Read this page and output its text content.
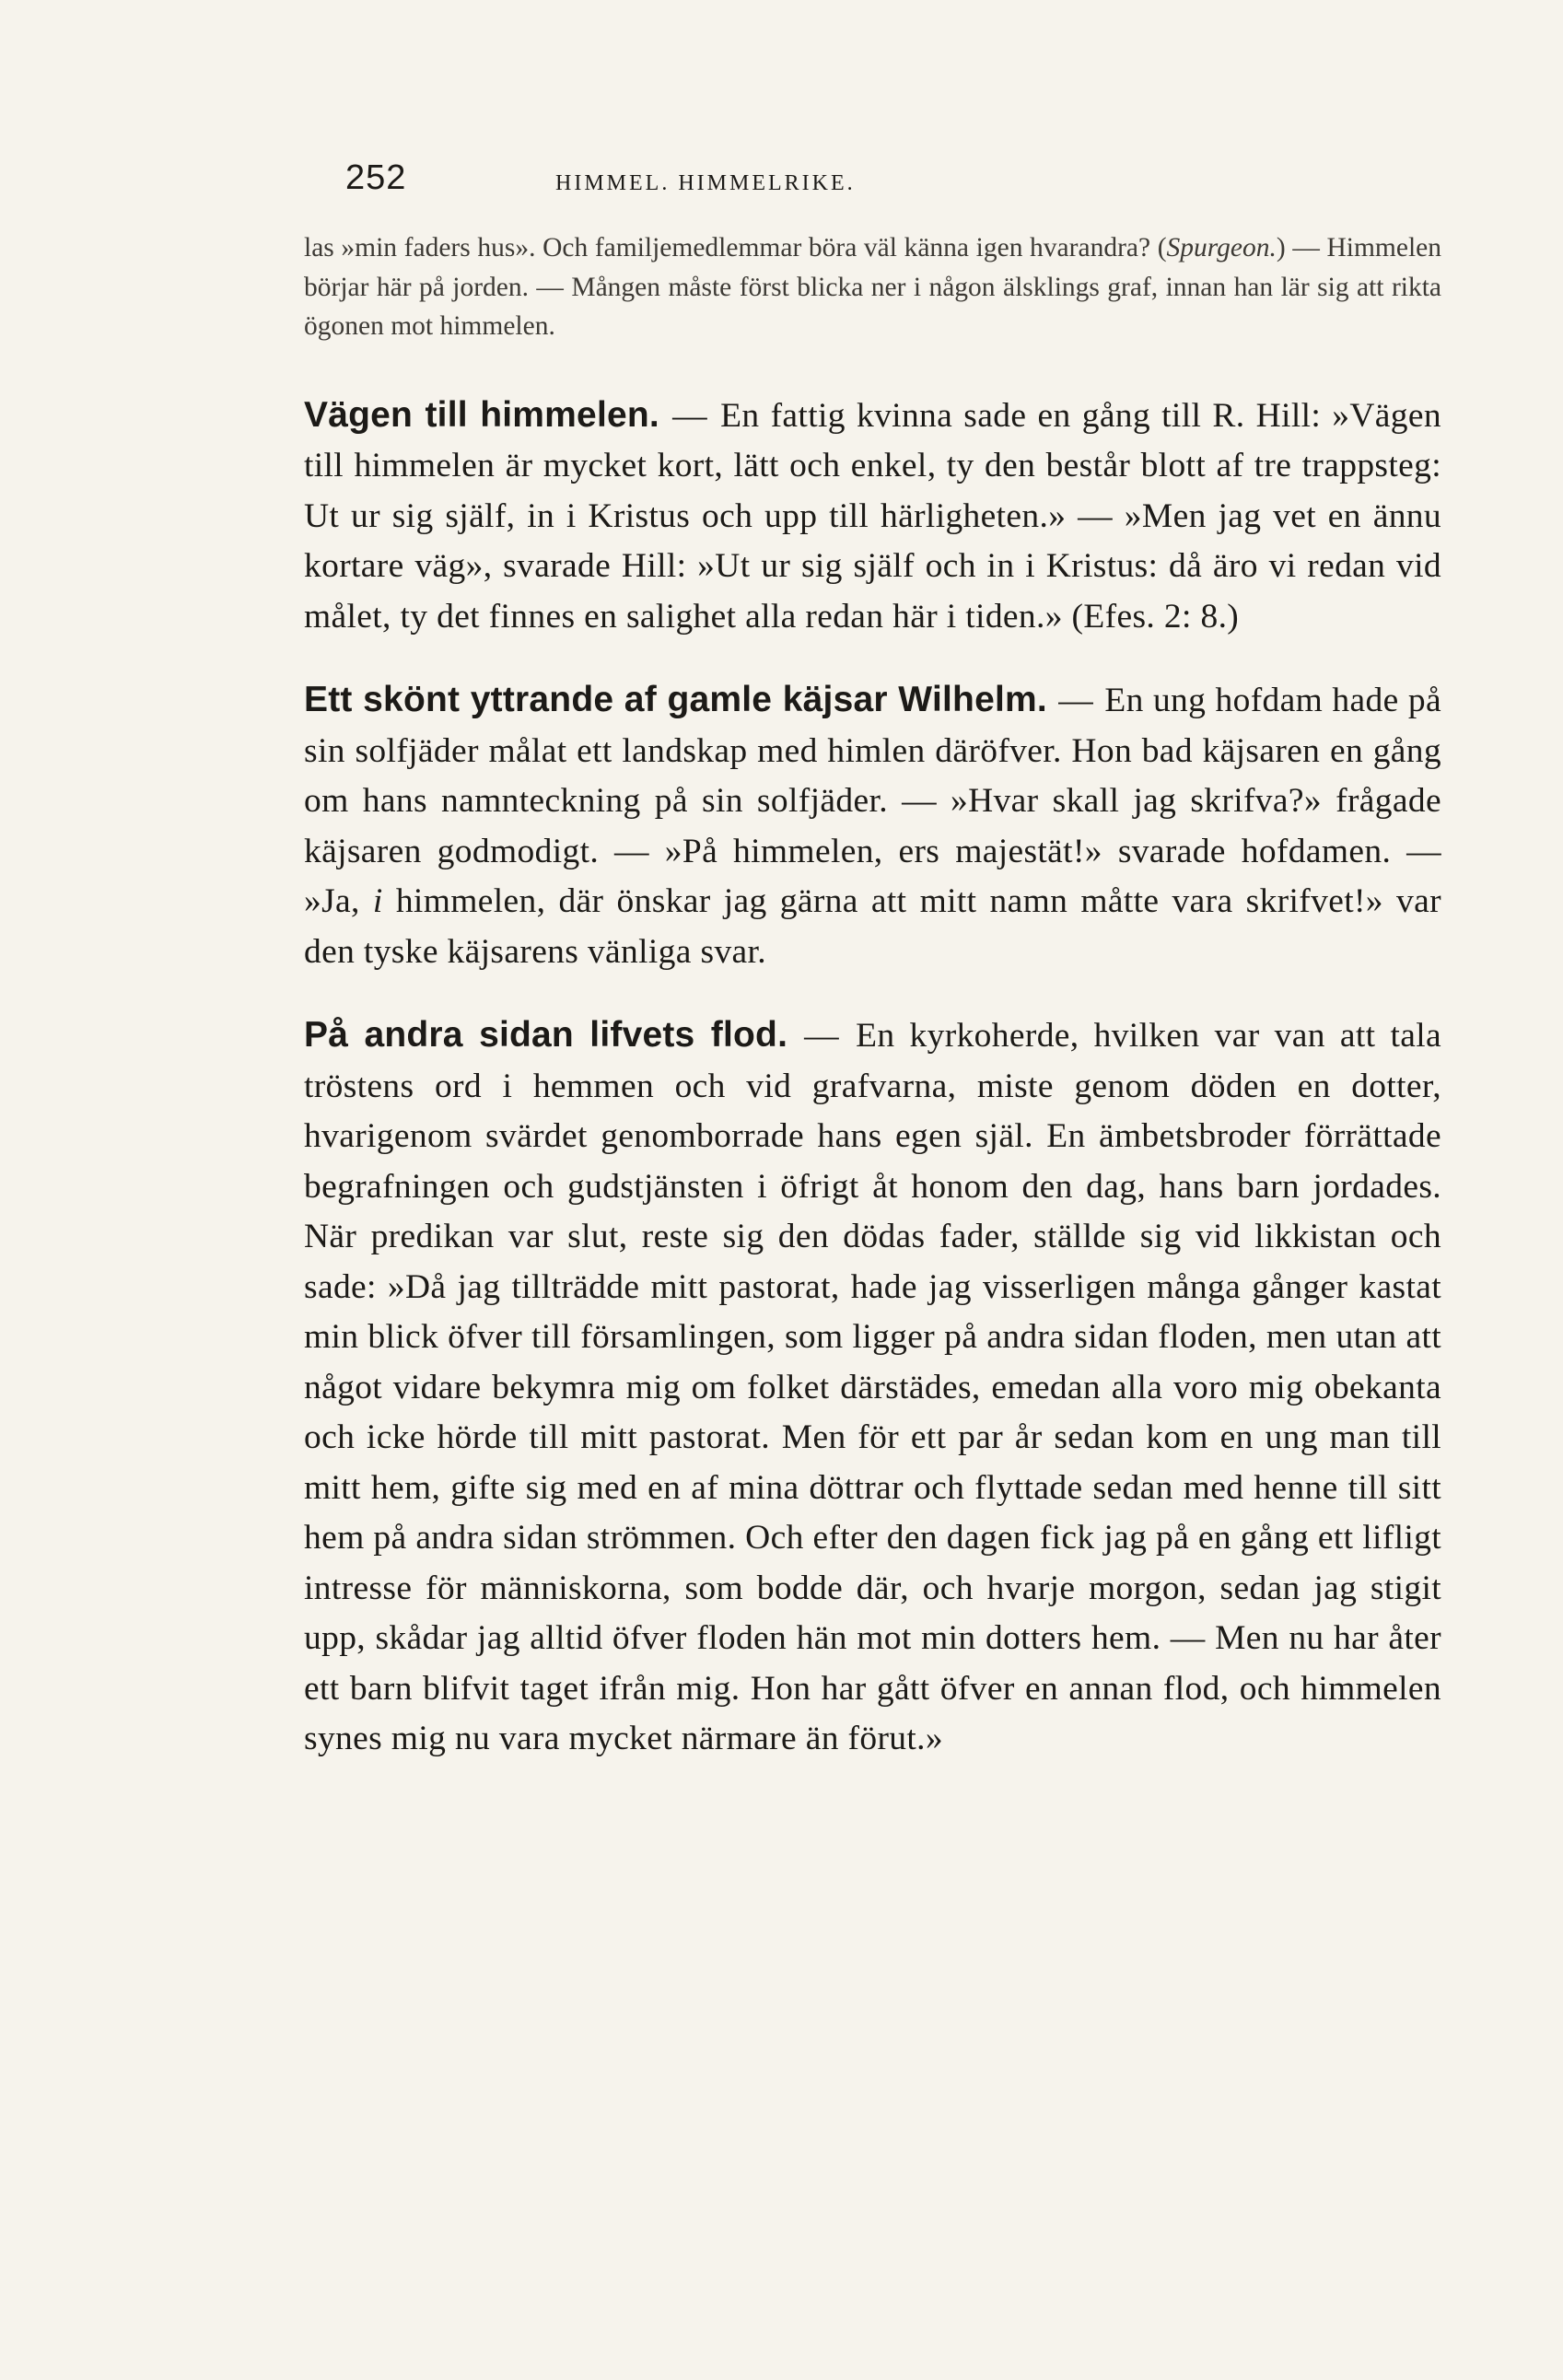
252	HIMMEL. HIMMELRIKE.

las »min faders hus». Och familjemedlemmar böra väl känna igen hvarandra? (Spurgeon.) — Himmelen börjar här på jorden. — Mången måste först blicka ner i någon älsklings graf, innan han lär sig att rikta ögonen mot himmelen.

Vägen till himmelen. — En fattig kvinna sade en gång till R. Hill: »Vägen till himmelen är mycket kort, lätt och enkel, ty den består blott af tre trappsteg: Ut ur sig själf, in i Kristus och upp till härligheten.» — »Men jag vet en ännu kortare väg», svarade Hill: »Ut ur sig själf och in i Kristus: då äro vi redan vid målet, ty det finnes en salighet alla redan här i tiden.» (Efes. 2: 8.)

Ett skönt yttrande af gamle käjsar Wilhelm. — En ung hofdam hade på sin solfjäder målat ett landskap med himlen däröfver. Hon bad käjsaren en gång om hans namnteckning på sin solfjäder. — »Hvar skall jag skrifva?» frågade käjsaren godmodigt. — »På himmelen, ers majestät!» svarade hofdamen. — »Ja, i himmelen, där önskar jag gärna att mitt namn måtte vara skrifvet!» var den tyske käjsarens vänliga svar.

På andra sidan lifvets flod. — En kyrkoherde, hvilken var van att tala tröstens ord i hemmen och vid grafvarna, miste genom döden en dotter, hvarigenom svärdet genomborrade hans egen själ. En ämbetsbroder förrättade begrafningen och gudstjänsten i öfrigt åt honom den dag, hans barn jordades. När predikan var slut, reste sig den dödas fader, ställde sig vid likkistan och sade: »Då jag tillträdde mitt pastorat, hade jag visserligen många gånger kastat min blick öfver till församlingen, som ligger på andra sidan floden, men utan att något vidare bekymra mig om folket därstädes, emedan alla voro mig obekanta och icke hörde till mitt pastorat. Men för ett par år sedan kom en ung man till mitt hem, gifte sig med en af mina döttrar och flyttade sedan med henne till sitt hem på andra sidan strömmen. Och efter den dagen fick jag på en gång ett lifligt intresse för människorna, som bodde där, och hvarje morgon, sedan jag stigit upp, skådar jag alltid öfver floden hän mot min dotters hem. — Men nu har åter ett barn blifvit taget ifrån mig. Hon har gått öfver en annan flod, och himmelen synes mig nu vara mycket närmare än förut.»
